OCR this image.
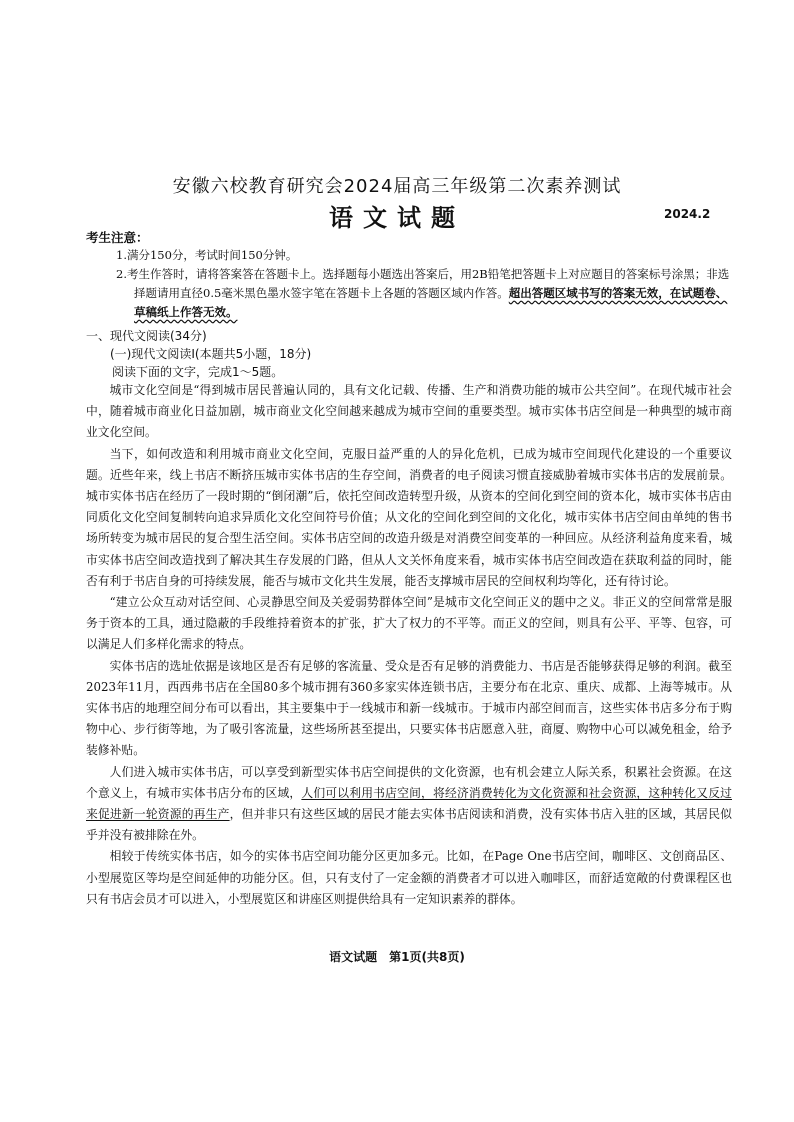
安徽六校教育研究会2024届高三年级第二次素养测试
语文试题	2024.2
考生注意：

1.满分150分，考试时间150分钟。

2.考生作答时，请将答案答在答题卡上。选择题每小题选出答案后，用2B铅笔把答题卡上对应题目的答案标号涂黑；非选择题请用直径0.5毫米黑色墨水签字笔在答题卡上各题的答题区域内作答。超出答题区域书写的答案无效，在试题卷、草稿纸上作答无效。

一、现代文阅读(34分)
(一)现代文阅读Ⅰ(本题共5小题，18分)
阅读下面的文字，完成1～5题。

城市文化空间是“得到城市居民普遍认同的，具有文化记载、传播、生产和消费功能的城市公共空间”。在现代城市社会中，随着城市商业化日益加剧，城市商业文化空间越来越成为城市空间的重要类型。城市实体书店空间是一种典型的城市商业文化空间。

当下，如何改造和利用城市商业文化空间，克服日益严重的人的异化危机，已成为城市空间现代化建设的一个重要议题。近些年来，线上书店不断挤压城市实体书店的生存空间，消费者的电子阅读习惯直接威胁着城市实体书店的发展前景。城市实体书店在经历了一段时期的“倒闭潮”后，依托空间改造转型升级，从资本的空间化到空间的资本化，城市实体书店由同质化文化空间复制转向追求异质化文化空间符号价值；从文化的空间化到空间的文化化，城市实体书店空间由单纯的售书场所转变为城市居民的复合型生活空间。实体书店空间的改造升级是对消费空间变革的一种回应。从经济利益角度来看，城市实体书店空间改造找到了解决其生存发展的门路，但从人文关怀角度来看，城市实体书店空间改造在获取利益的同时，能否有利于书店自身的可持续发展，能否与城市文化共生发展，能否支撑城市居民的空间权利均等化，还有待讨论。

“建立公众互动对话空间、心灵静思空间及关爱弱势群体空间”是城市文化空间正义的题中之义。非正义的空间常常是服务于资本的工具，通过隐蔽的手段维持着资本的扩张，扩大了权力的不平等。而正义的空间，则具有公平、平等、包容，可以满足人们多样化需求的特点。

实体书店的选址依据是该地区是否有足够的客流量、受众是否有足够的消费能力、书店是否能够获得足够的利润。截至2023年11月，西西弗书店在全国80多个城市拥有360多家实体连锁书店，主要分布在北京、重庆、成都、上海等城市。从实体书店的地理空间分布可以看出，其主要集中于一线城市和新一线城市。于城市内部空间而言，这些实体书店多分布于购物中心、步行街等地，为了吸引客流量，这些场所甚至提出，只要实体书店愿意入驻，商厦、购物中心可以减免租金，给予装修补贴。

人们进入城市实体书店，可以享受到新型实体书店空间提供的文化资源，也有机会建立人际关系，积累社会资源。在这个意义上，有城市实体书店分布的区域，人们可以利用书店空间，将经济消费转化为文化资源和社会资源，这种转化又反过来促进新一轮资源的再生产，但并非只有这些区域的居民才能去实体书店阅读和消费，没有实体书店入驻的区域，其居民似乎并没有被排除在外。

相较于传统实体书店，如今的实体书店空间功能分区更加多元。比如，在Page One书店空间，咖啡区、文创商品区、小型展览区等均是空间延伸的功能分区。但，只有支付了一定金额的消费者才可以进入咖啡区，而舒适宽敞的付费课程区也只有书店会员才可以进入，小型展览区和讲座区则提供给具有一定知识素养的群体。

语文试题　第1页(共8页)
